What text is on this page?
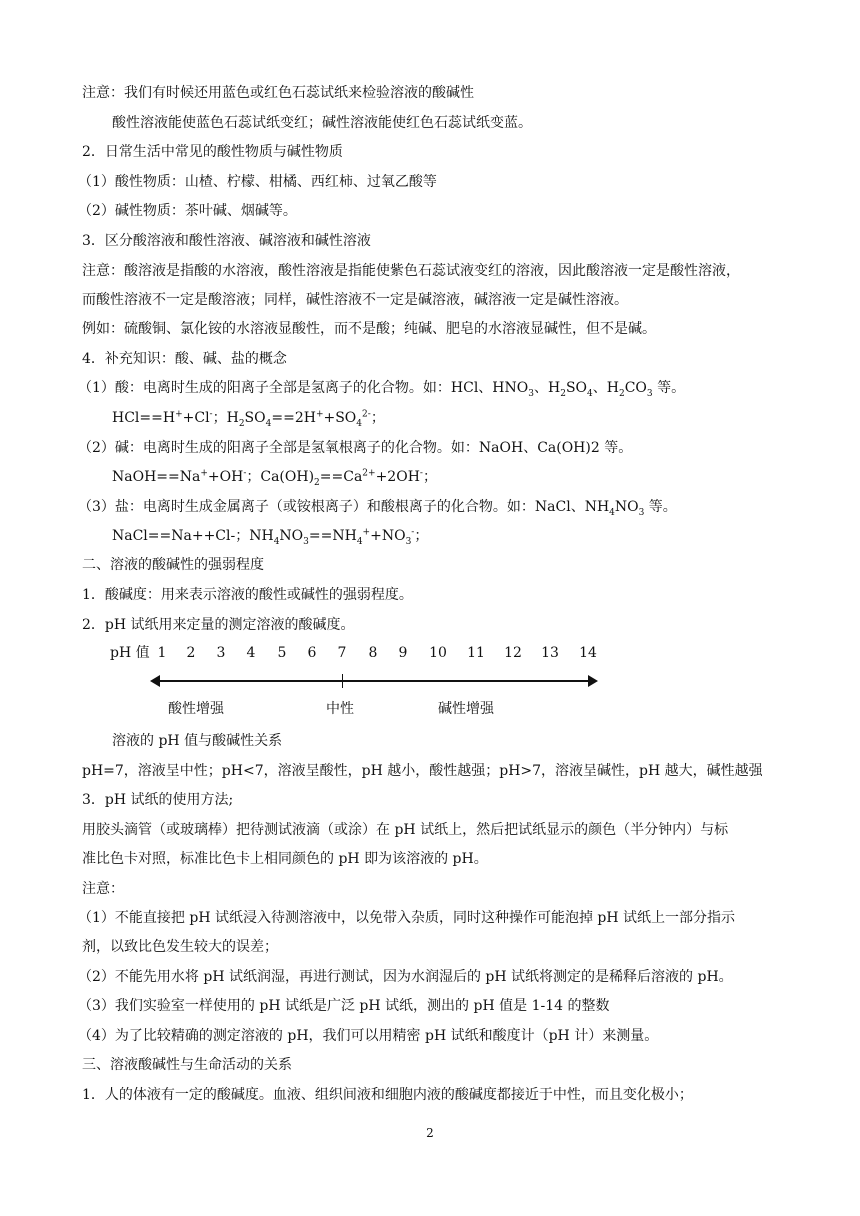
注意：我们有时候还用蓝色或红色石蕊试纸来检验溶液的酸碱性
酸性溶液能使蓝色石蕊试纸变红；碱性溶液能使红色石蕊试纸变蓝。
2．日常生活中常见的酸性物质与碱性物质
（1）酸性物质：山楂、柠檬、柑橘、西红柿、过氧乙酸等
（2）碱性物质：茶叶碱、烟碱等。
3．区分酸溶液和酸性溶液、碱溶液和碱性溶液
注意：酸溶液是指酸的水溶液，酸性溶液是指能使紫色石蕊试液变红的溶液，因此酸溶液一定是酸性溶液，
而酸性溶液不一定是酸溶液；同样，碱性溶液不一定是碱溶液，碱溶液一定是碱性溶液。
例如：硫酸铜、氯化铵的水溶液显酸性，而不是酸；纯碱、肥皂的水溶液显碱性，但不是碱。
4．补充知识：酸、碱、盐的概念
（1）酸：电离时生成的阳离子全部是氢离子的化合物。如：HCl、$HNO_3$、$H_2SO_4$、$H_2CO_3$ 等。
HCl==H++Cl-；$H_2SO_4==2H^++SO_4^{2-}$；
（2）碱：电离时生成的阳离子全部是氢氧根离子的化合物。如：NaOH、Ca(OH)2 等。
NaOH==Na++OH-；$Ca(OH)_2==Ca^{2+}+2OH^-$；
（3）盐：电离时生成金属离子（或铵根离子）和酸根离子的化合物。如：NaCl、$NH_4NO_3$ 等。
NaCl==Na++Cl-；$NH_4NO_3==NH_4^++NO_3^-$；
二、溶液的酸碱性的强弱程度
1．酸碱度：用来表示溶液的酸性或碱性的强弱程度。
2．pH 试纸用来定量的测定溶液的酸碱度。
pH 值 1 2 3 4 5 6 7 8 9 10 11 12 13 14
酸性增强	中性	碱性增强
溶液的 pH 值与酸碱性关系
pH=7，溶液呈中性；pH<7，溶液呈酸性，pH 越小，酸性越强；pH>7，溶液呈碱性，pH 越大，碱性越强
3．pH 试纸的使用方法;
用胶头滴管（或玻璃棒）把待测试液滴（或涂）在 pH 试纸上，然后把试纸显示的颜色（半分钟内）与标
准比色卡对照，标准比色卡上相同颜色的 pH 即为该溶液的 pH。
注意：
（1）不能直接把 pH 试纸浸入待测溶液中，以免带入杂质，同时这种操作可能泡掉 pH 试纸上一部分指示
剂，以致比色发生较大的误差；
（2）不能先用水将 pH 试纸润湿，再进行测试，因为水润湿后的 pH 试纸将测定的是稀释后溶液的 pH。
（3）我们实验室一样使用的 pH 试纸是广泛 pH 试纸，测出的 pH 值是 1-14 的整数
（4）为了比较精确的测定溶液的 pH，我们可以用精密 pH 试纸和酸度计（pH 计）来测量。
三、溶液酸碱性与生命活动的关系
1．人的体液有一定的酸碱度。血液、组织间液和细胞内液的酸碱度都接近于中性，而且变化极小；
2
